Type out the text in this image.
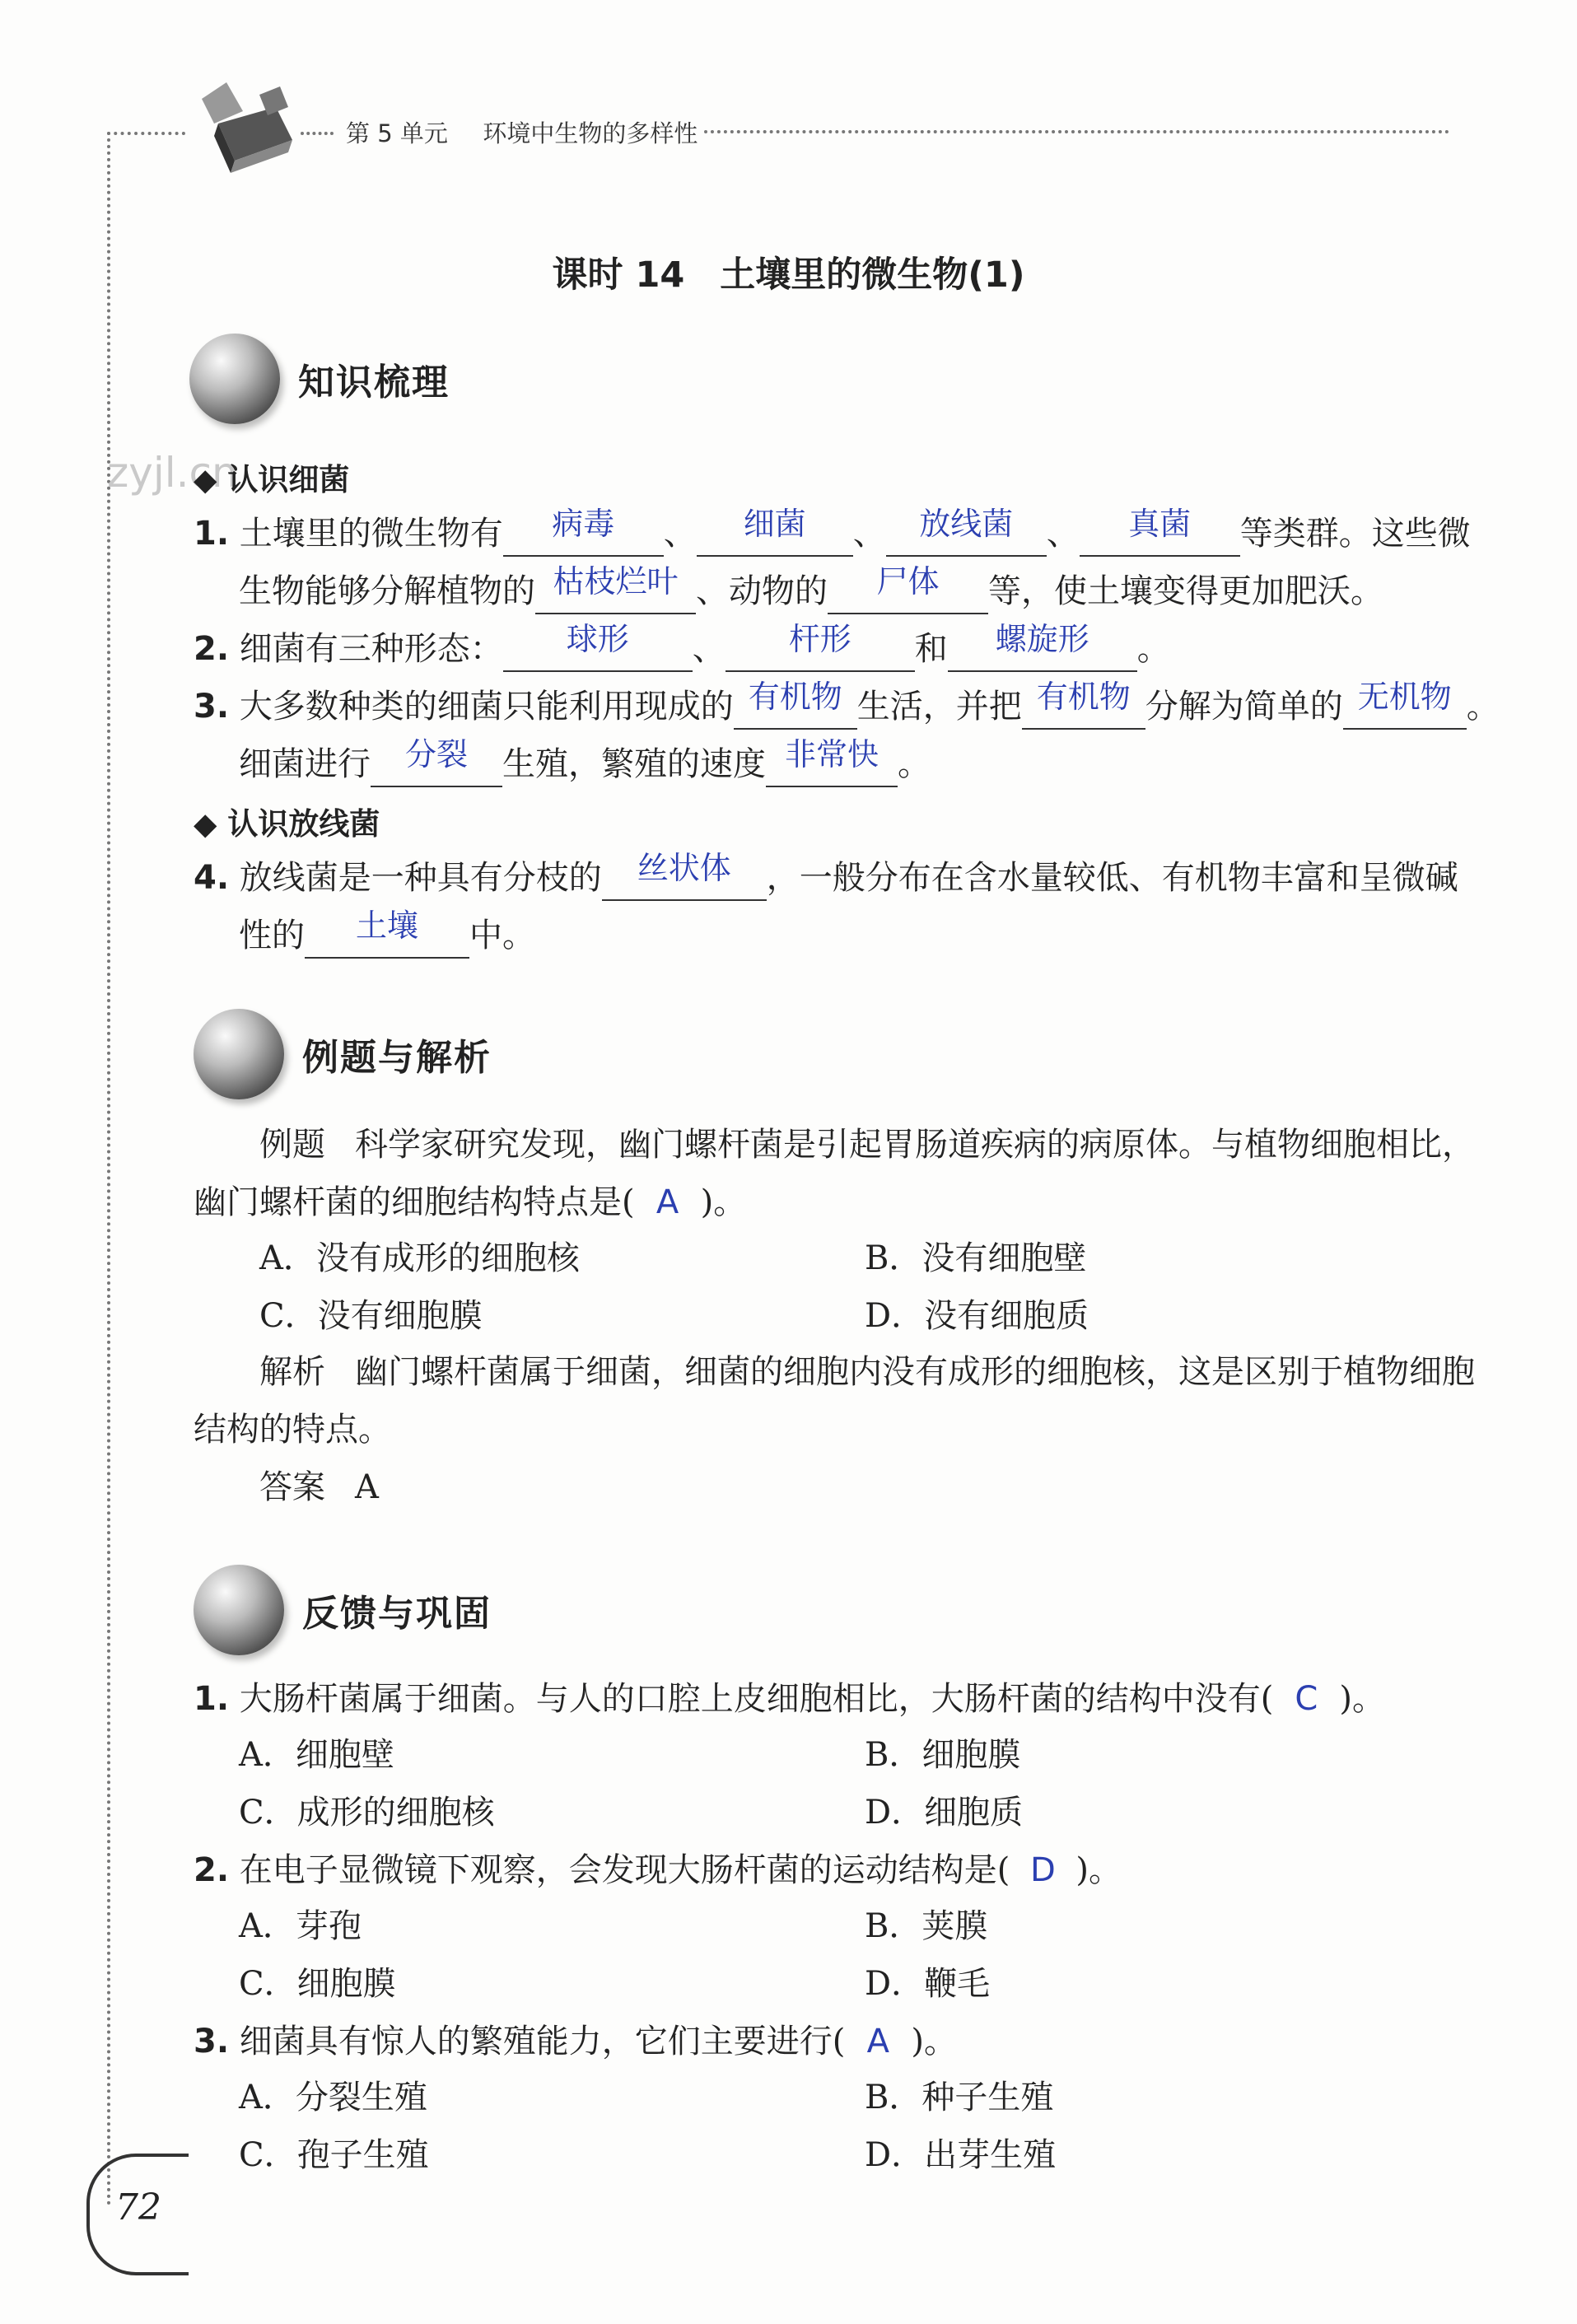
第 5 单元 环境中生物的多样性
课时 14　土壤里的微生物(1)
知识梳理
zyjl.cn
◆ 认识细菌
1. 土壤里的微生物有	病毒	、	细菌	、	放线菌	、	真菌	等类群。这些微
生物能够分解植物的 枯枝烂叶 、动物的	尸体	等，使土壤变得更加肥沃。
2. 细菌有三种形态：	球形	、	杆形	和	螺旋形	。
3. 大多数种类的细菌只能利用现成的 有机物 生活，并把 有机物 分解为简单的 无机物 。
细菌进行	分裂	生殖，繁殖的速度 非常快 。
◆ 认识放线菌
4. 放线菌是一种具有分枝的	丝状体	，一般分布在含水量较低、有机物丰富和呈微碱
性的	土壤	中。
例题与解析
例题 科学家研究发现，幽门螺杆菌是引起胃肠道疾病的病原体。与植物细胞相比，
幽门螺杆菌的细胞结构特点是( A )。
A．没有成形的细胞核	B．没有细胞壁
C．没有细胞膜	D．没有细胞质
解析 幽门螺杆菌属于细菌，细菌的细胞内没有成形的细胞核，这是区别于植物细胞
结构的特点。
答案 A
反馈与巩固
1. 大肠杆菌属于细菌。与人的口腔上皮细胞相比，大肠杆菌的结构中没有( C )。
A．细胞壁	B．细胞膜
C．成形的细胞核	D．细胞质
2. 在电子显微镜下观察，会发现大肠杆菌的运动结构是( D )。
A．芽孢	B．荚膜
C．细胞膜	D．鞭毛
3. 细菌具有惊人的繁殖能力，它们主要进行( A )。
A．分裂生殖	B．种子生殖
C．孢子生殖	D．出芽生殖
72
